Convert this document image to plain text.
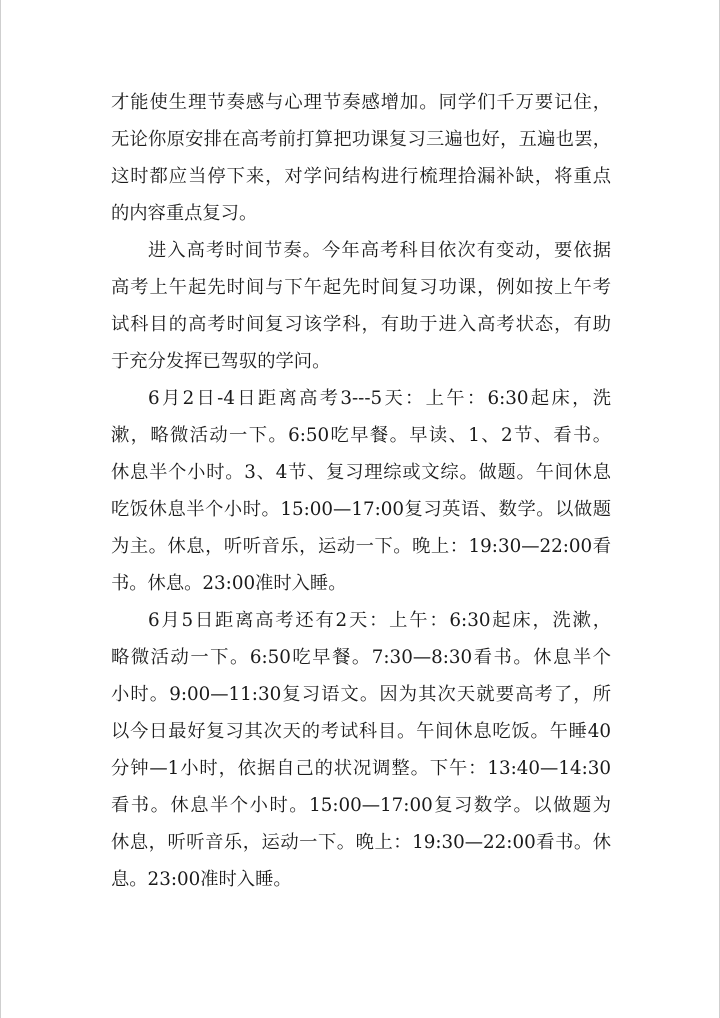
才能使生理节奏感与心理节奏感增加。同学们千万要记住，
无论你原安排在高考前打算把功课复习三遍也好，五遍也罢，
这时都应当停下来，对学问结构进行梳理拾漏补缺，将重点
的内容重点复习。
进入高考时间节奏。今年高考科目依次有变动，要依据
高考上午起先时间与下午起先时间复习功课，例如按上午考
试科目的高考时间复习该学科，有助于进入高考状态，有助
于充分发挥已驾驭的学问。
6月2日-4日距离高考3---5天：上午：6:30起床，洗
漱，略微活动一下。6:50吃早餐。早读、1、2节、看书。
休息半个小时。3、4节、复习理综或文综。做题。午间休息
吃饭休息半个小时。15:00—17:00复习英语、数学。以做题
为主。休息，听听音乐，运动一下。晚上：19:30—22:00看
书。休息。23:00准时入睡。
6月5日距离高考还有2天：上午：6:30起床，洗漱，
略微活动一下。6:50吃早餐。7:30—8:30看书。休息半个
小时。9:00—11:30复习语文。因为其次天就要高考了，所
以今日最好复习其次天的考试科目。午间休息吃饭。午睡40
分钟—1小时，依据自己的状况调整。下午：13:40—14:30
看书。休息半个小时。15:00—17:00复习数学。以做题为
休息，听听音乐，运动一下。晚上：19:30—22:00看书。休
息。23:00准时入睡。
